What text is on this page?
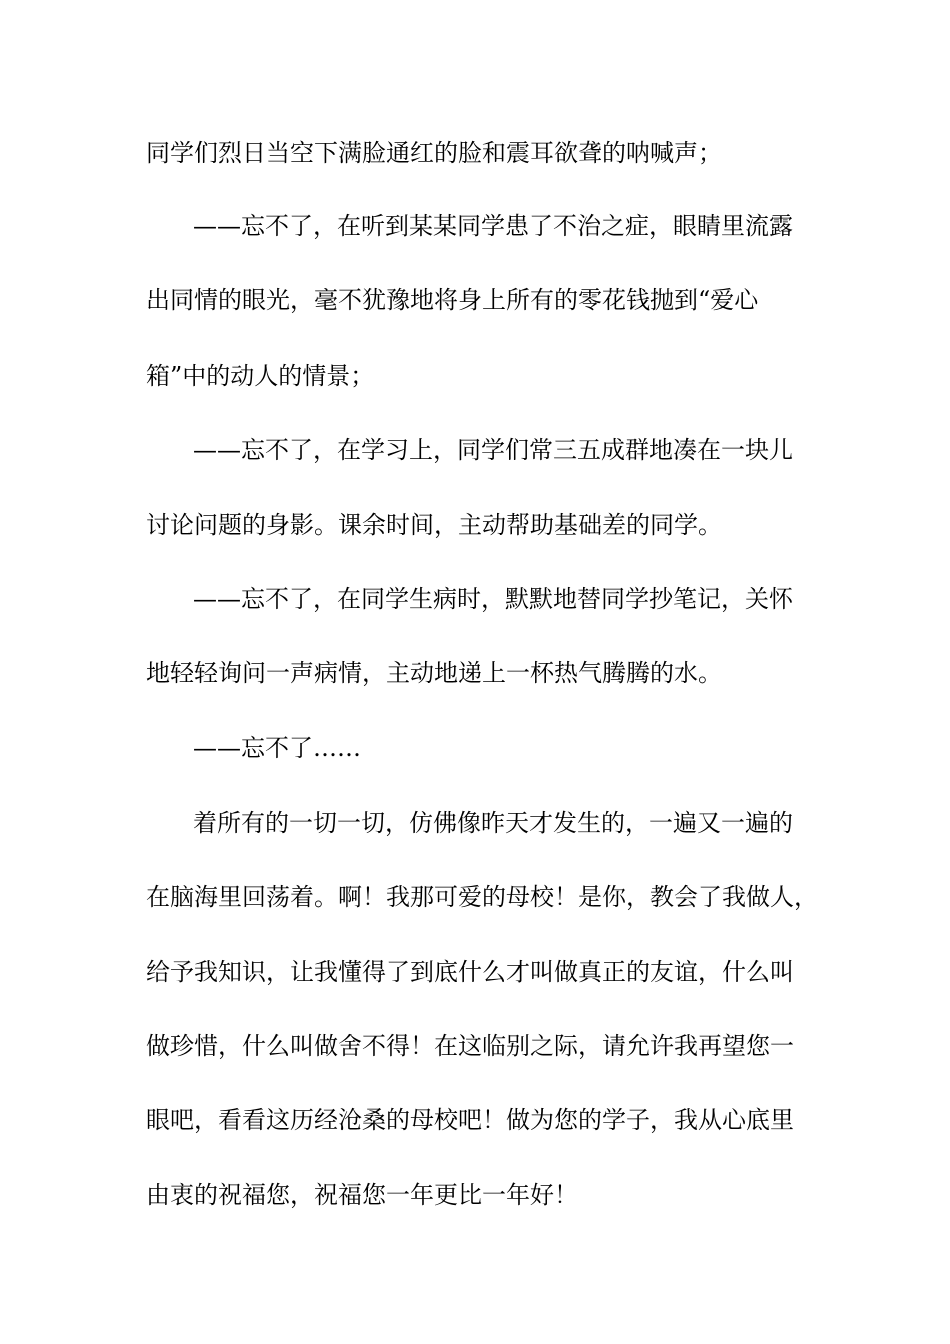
同学们烈日当空下满脸通红的脸和震耳欲聋的呐喊声；
——忘不了，在听到某某同学患了不治之症，眼睛里流露
出同情的眼光，毫不犹豫地将身上所有的零花钱抛到“爱心
箱”中的动人的情景；
——忘不了，在学习上，同学们常三五成群地凑在一块儿
讨论问题的身影。课余时间，主动帮助基础差的同学。
——忘不了，在同学生病时，默默地替同学抄笔记，关怀
地轻轻询问一声病情，主动地递上一杯热气腾腾的水。
——忘不了……
着所有的一切一切，仿佛像昨天才发生的，一遍又一遍的
在脑海里回荡着。啊！我那可爱的母校！是你，教会了我做人，
给予我知识，让我懂得了到底什么才叫做真正的友谊，什么叫
做珍惜，什么叫做舍不得！在这临别之际，请允许我再望您一
眼吧，看看这历经沧桑的母校吧！做为您的学子，我从心底里
由衷的祝福您，祝福您一年更比一年好！
